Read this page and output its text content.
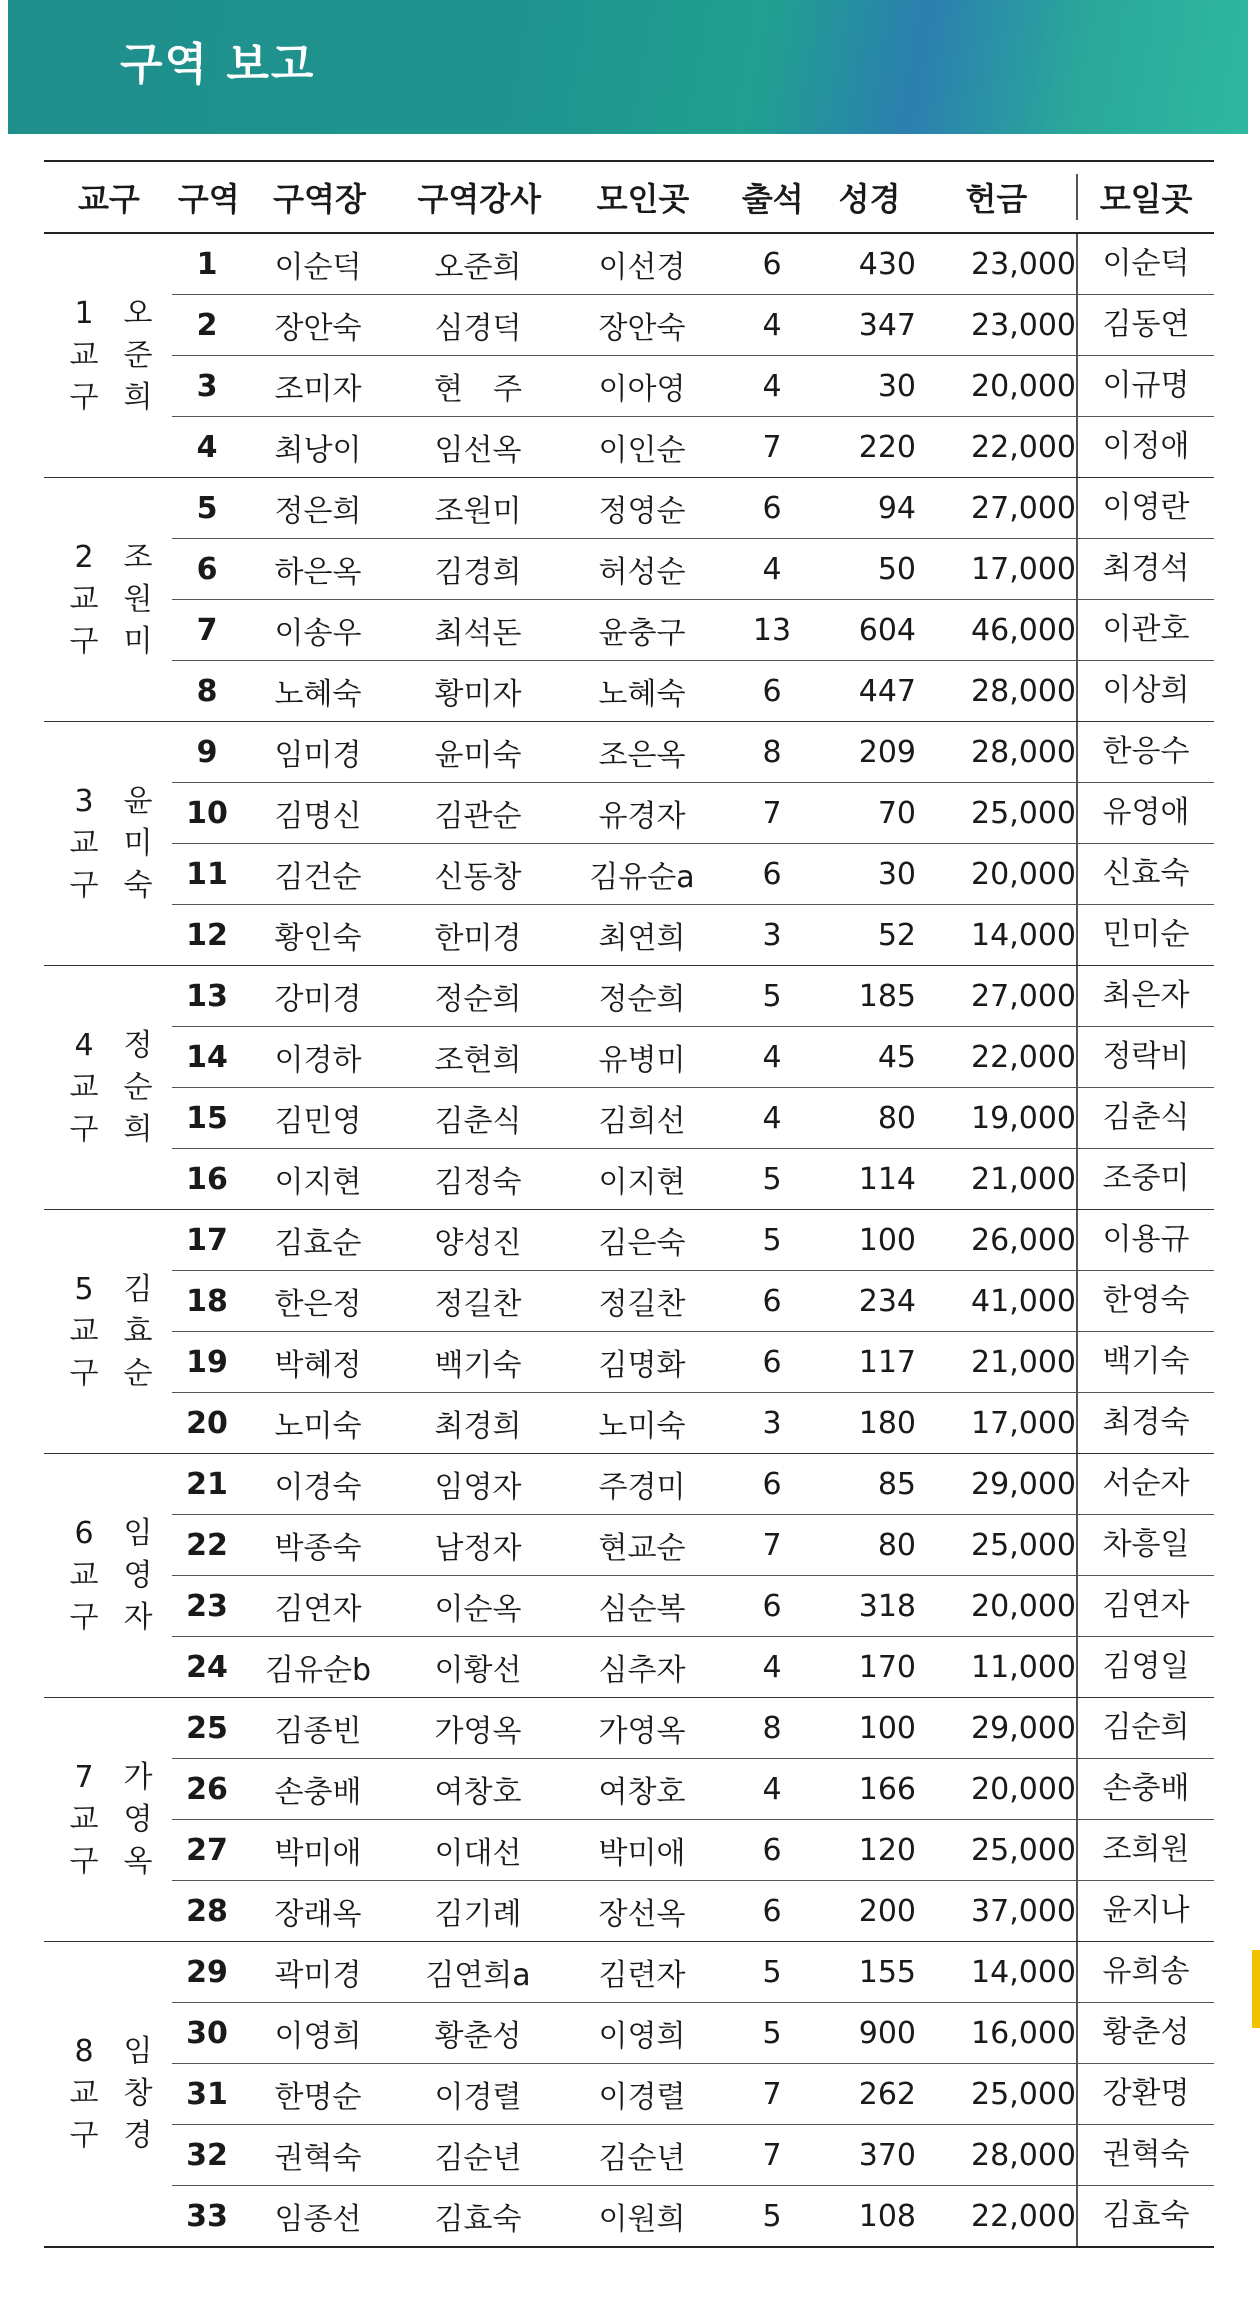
구역 보고
교구	구역	구역장	구역강사	모인곳	출석	성경	헌금	모일곳
1
교
구
오
준
희
1	이순덕	오준희	이선경	6	430	23,000 이순덕
2	장안숙	심경덕	장안숙	4	347	23,000 김동연
3	조미자	현　주	이아영	4	30	20,000 이규명
4	최낭이	임선옥	이인순	7	220	22,000 이정애
2
교
구
조
원
미
5	정은희	조원미	정영순	6	94	27,000 이영란
6	하은옥	김경희	허성순	4	50	17,000 최경석
7	이송우	최석돈	윤충구	13	604	46,000 이관호
8	노혜숙	황미자	노혜숙	6	447	28,000 이상희
3
교
구
윤
미
숙
9	임미경	윤미숙	조은옥	8	209	28,000 한응수
10	김명신	김관순	유경자	7	70	25,000 유영애
11	김건순	신동창	김유순a	6	30	20,000 신효숙
12	황인숙	한미경	최연희	3	52	14,000 민미순
4
교
구
정
순
희
13	강미경	정순희	정순희	5	185	27,000 최은자
14	이경하	조현희	유병미	4	45	22,000 정락비
15	김민영	김춘식	김희선	4	80	19,000 김춘식
16	이지현	김정숙	이지현	5	114	21,000 조중미
5
교
구
김
효
순
17	김효순	양성진	김은숙	5	100	26,000 이용규
18	한은정	정길찬	정길찬	6	234	41,000 한영숙
19	박혜정	백기숙	김명화	6	117	21,000 백기숙
20	노미숙	최경희	노미숙	3	180	17,000 최경숙
6
교
구
임
영
자
21	이경숙	임영자	주경미	6	85	29,000 서순자
22	박종숙	남정자	현교순	7	80	25,000 차흥일
23	김연자	이순옥	심순복	6	318	20,000 김연자
24	김유순b	이황선	심추자	4	170	11,000 김영일
7
교
구
가
영
옥
25	김종빈	가영옥	가영옥	8	100	29,000 김순희
26	손충배	여창호	여창호	4	166	20,000 손충배
27	박미애	이대선	박미애	6	120	25,000 조희원
28	장래옥	김기례	장선옥	6	200	37,000 윤지나
8
교
구
임
창
경
29	곽미경	김연희a	김련자	5	155	14,000 유희송
30	이영희	황춘성	이영희	5	900	16,000 황춘성
31	한명순	이경렬	이경렬	7	262	25,000 강환명
32	권혁숙	김순년	김순년	7	370	28,000 권혁숙
33	임종선	김효숙	이원희	5	108	22,000 김효숙
